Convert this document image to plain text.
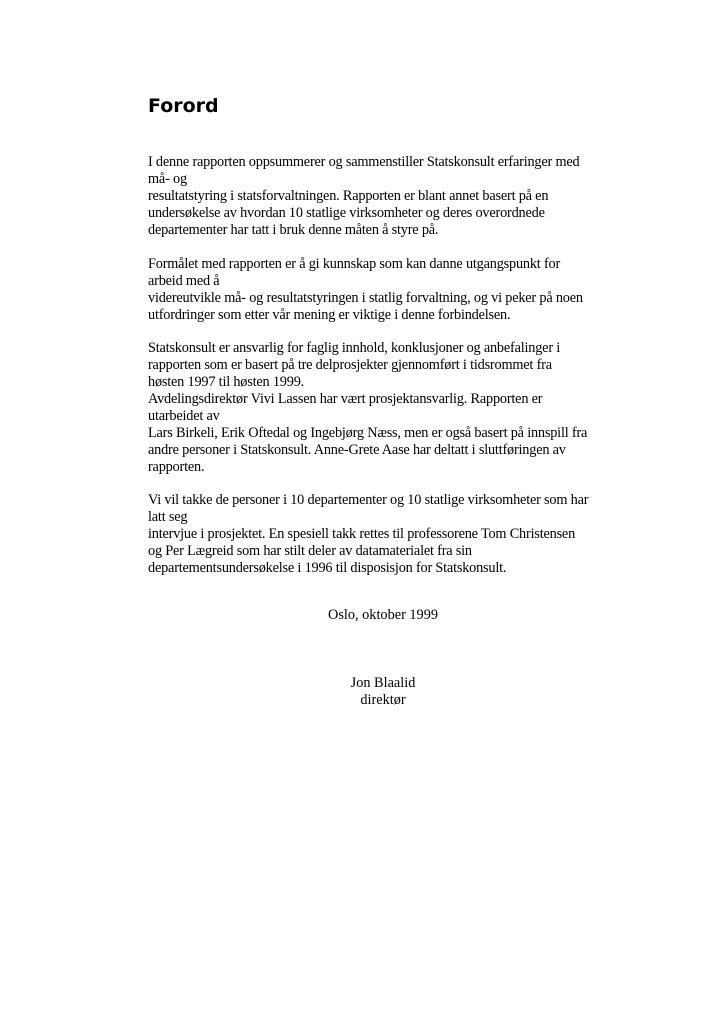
Forord
I denne rapporten oppsummerer og sammenstiller Statskonsult erfaringer med
må- og
resultatstyring i statsforvaltningen. Rapporten er blant annet basert på en
undersøkelse av hvordan 10 statlige virksomheter og deres overordnede
departementer har tatt i bruk denne måten å styre på.
Formålet med rapporten er å gi kunnskap som kan danne utgangspunkt for
arbeid med å
videreutvikle må- og resultatstyringen i statlig forvaltning, og vi peker på noen
utfordringer som etter vår mening er viktige i denne forbindelsen.
Statskonsult er ansvarlig for faglig innhold, konklusjoner og anbefalinger i
rapporten som er basert på tre delprosjekter gjennomført i tidsrommet fra
høsten 1997 til høsten 1999.
Avdelingsdirektør Vivi Lassen har vært prosjektansvarlig. Rapporten er
utarbeidet av
Lars Birkeli, Erik Oftedal og Ingebjørg Næss, men er også basert på innspill fra
andre personer i Statskonsult. Anne-Grete Aase har deltatt i sluttføringen av
rapporten.
Vi vil takke de personer i 10 departementer og 10 statlige virksomheter som har
latt seg
intervjue i prosjektet. En spesiell takk rettes til professorene Tom Christensen
og Per Lægreid som har stilt deler av datamaterialet fra sin
departementsundersøkelse i 1996 til disposisjon for Statskonsult.
Oslo, oktober 1999
Jon Blaalid
direktør
